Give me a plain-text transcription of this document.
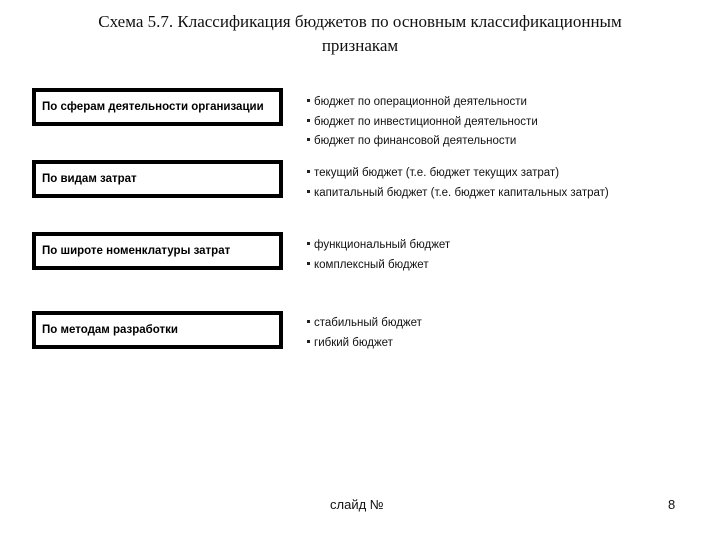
Схема 5.7. Классификация бюджетов по основным классификационным
признакам
По сферам деятельности организации	бюджет по операционной деятельности
бюджет по инвестиционной деятельности
бюджет по финансовой деятельности
По видам затрат	текущий бюджет (т.е. бюджет текущих затрат)
капитальный бюджет (т.е. бюджет капитальных затрат)
По широте номенклатуры затрат	функциональный бюджет
комплексный бюджет
По методам разработки
стабильный бюджет
гибкий бюджет
слайд №	8
